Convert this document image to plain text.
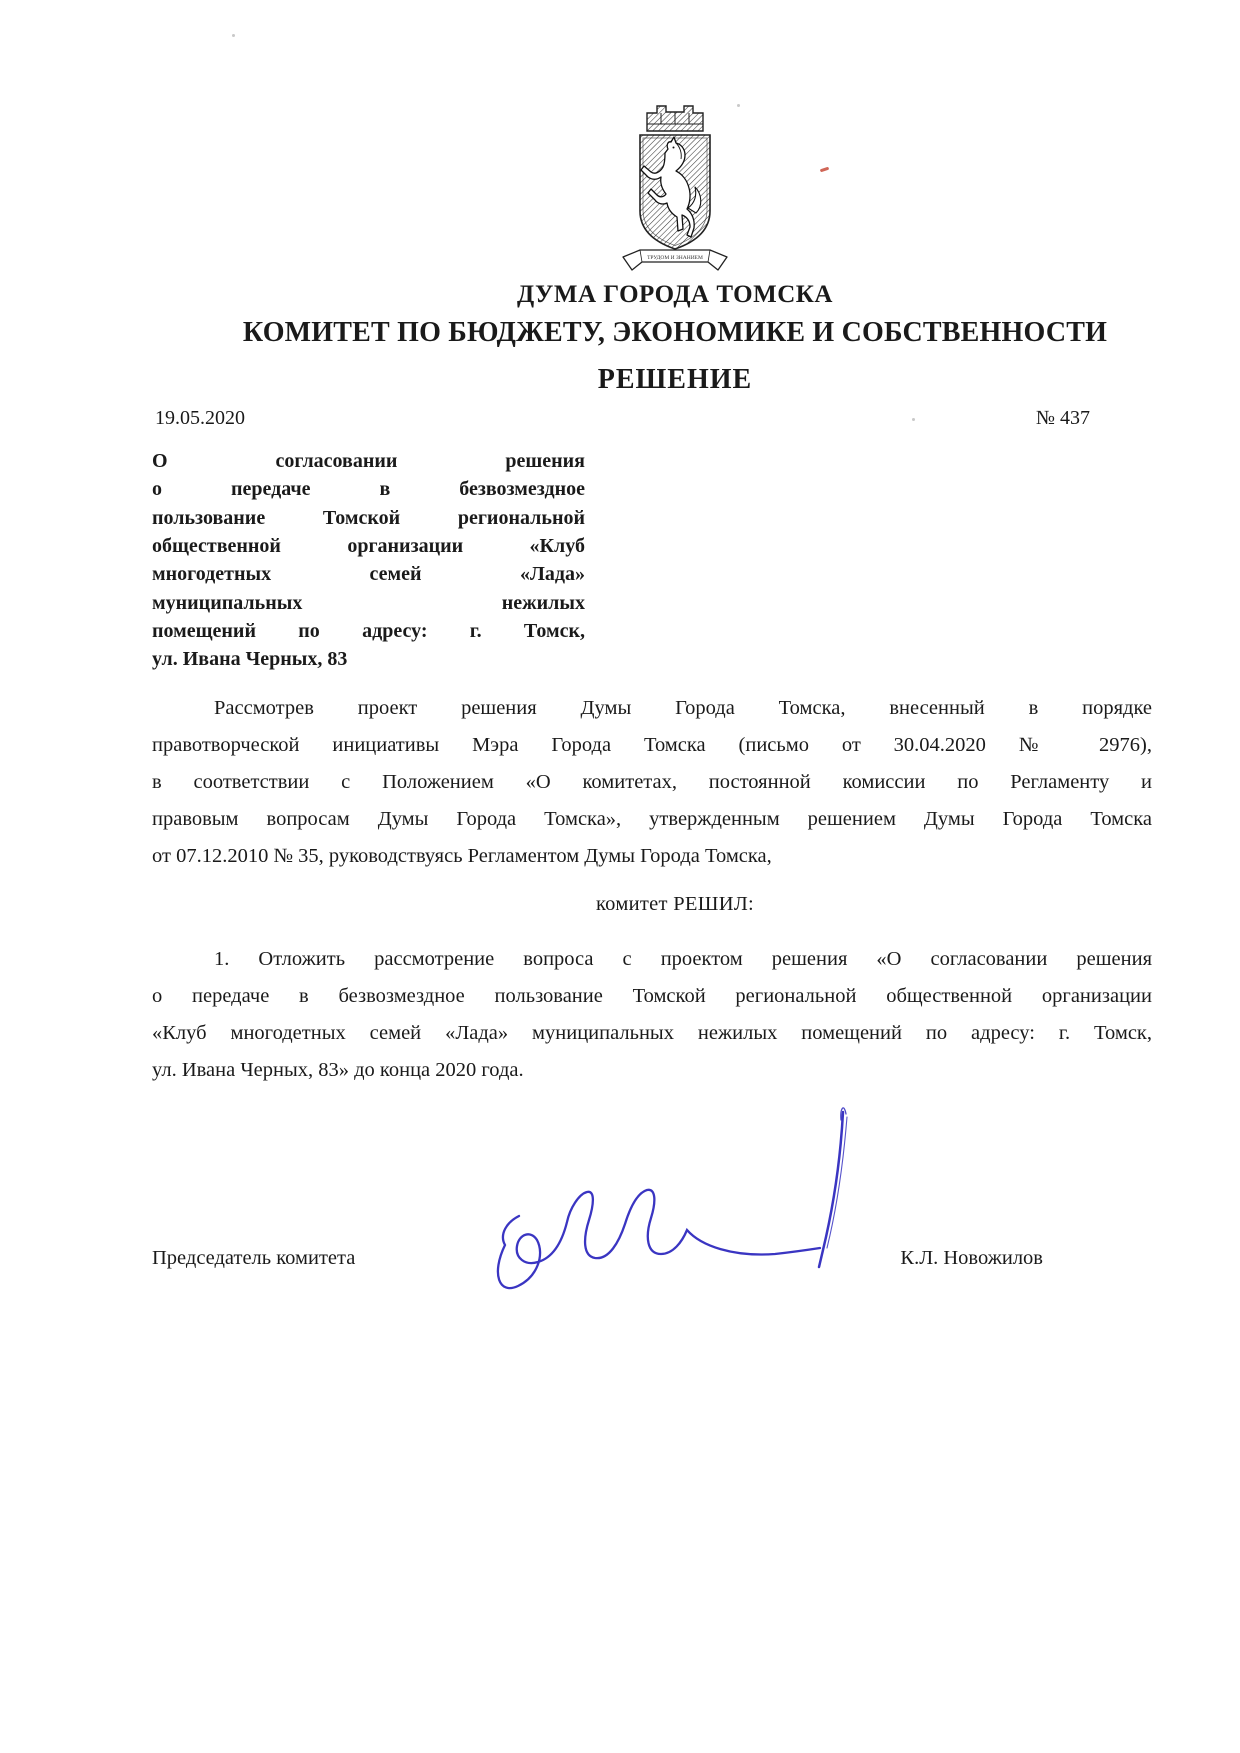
ТРУДОМ И ЗНАНИЕМ
ДУМА ГОРОДА ТОМСКА
КОМИТЕТ ПО БЮДЖЕТУ, ЭКОНОМИКЕ И СОБСТВЕННОСТИ
РЕШЕНИЕ
19.05.2020	№ 437
О согласовании решения
о передаче в безвозмездное
пользование Томской региональной
общественной организации «Клуб
многодетных семей «Лада»
муниципальных нежилых
помещений по адресу: г. Томск,
ул. Ивана Черных, 83
Рассмотрев проект решения Думы Города Томска, внесенный в порядке
правотворческой инициативы Мэра Города Томска (письмо от 30.04.2020 № 2976),
в соответствии с Положением «О комитетах, постоянной комиссии по Регламенту и
правовым вопросам Думы Города Томска», утвержденным решением Думы Города Томска
от 07.12.2010 № 35, руководствуясь Регламентом Думы Города Томска,
комитет РЕШИЛ:
1. Отложить рассмотрение вопроса с проектом решения «О согласовании решения
о передаче в безвозмездное пользование Томской региональной общественной организации
«Клуб многодетных семей «Лада» муниципальных нежилых помещений по адресу: г. Томск,
ул. Ивана Черных, 83» до конца 2020 года.
Председатель комитета	К.Л. Новожилов
